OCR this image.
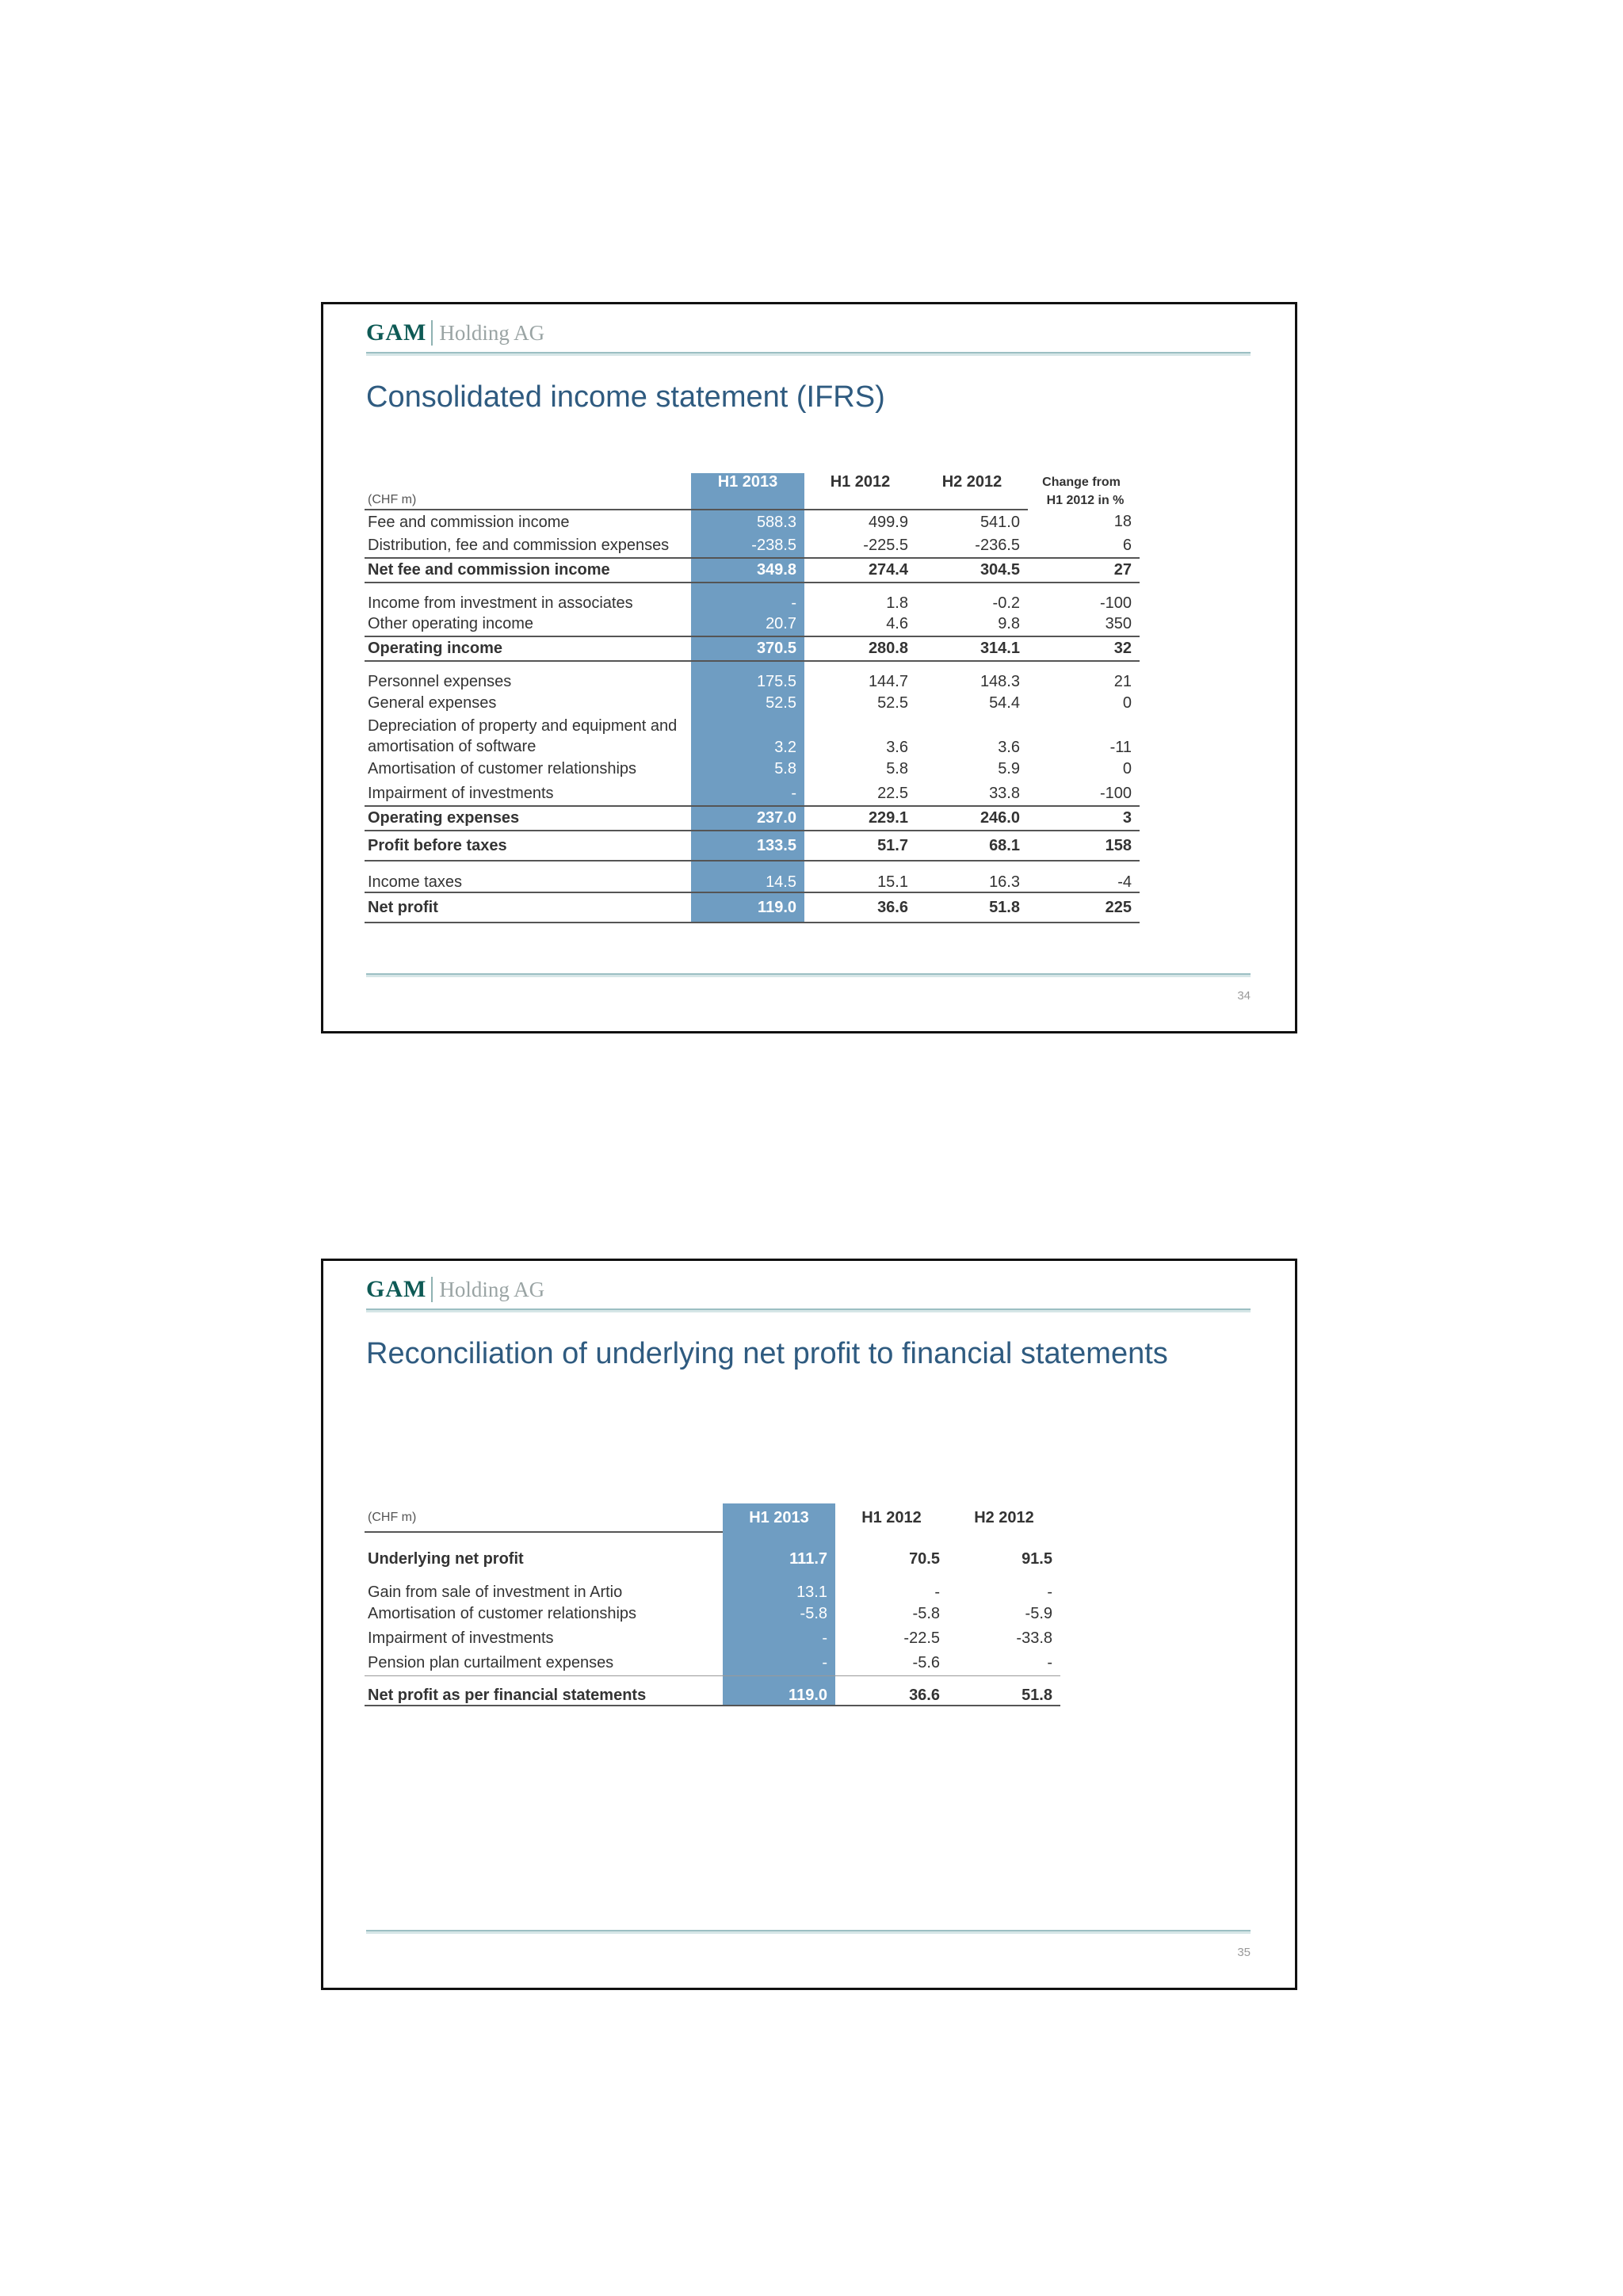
GAM Holding AG
Consolidated income statement (IFRS)
	H1 2013	H1 2012	H2 2012	Change from
(CHF m)				H1 2012 in %
Fee and commission income	588.3	499.9	541.0	18
Distribution, fee and commission expenses	-238.5	-225.5	-236.5	6
Net fee and commission income	349.8	274.4	304.5	27
Income from investment in associates	-	1.8	-0.2	-100
Other operating income	20.7	4.6	9.8	350
Operating income	370.5	280.8	314.1	32
Personnel expenses	175.5	144.7	148.3	21
General expenses	52.5	52.5	54.4	0
Depreciation of property and equipment and
amortisation of software	3.2	3.6	3.6	-11
Amortisation of customer relationships	5.8	5.8	5.9	0
Impairment of investments	-	22.5	33.8	-100
Operating expenses	237.0	229.1	246.0	3
Profit before taxes	133.5	51.7	68.1	158
Income taxes	14.5	15.1	16.3	-4
Net profit	119.0	36.6	51.8	225
34
GAM Holding AG
Reconciliation of underlying net profit to financial statements
(CHF m)	H1 2013	H1 2012	H2 2012
Underlying net profit	111.7	70.5	91.5
Gain from sale of investment in Artio	13.1	-	-
Amortisation of customer relationships	-5.8	-5.8	-5.9
Impairment of investments	-	-22.5	-33.8
Pension plan curtailment expenses	-	-5.6	-
Net profit as per financial statements	119.0	36.6	51.8
35
